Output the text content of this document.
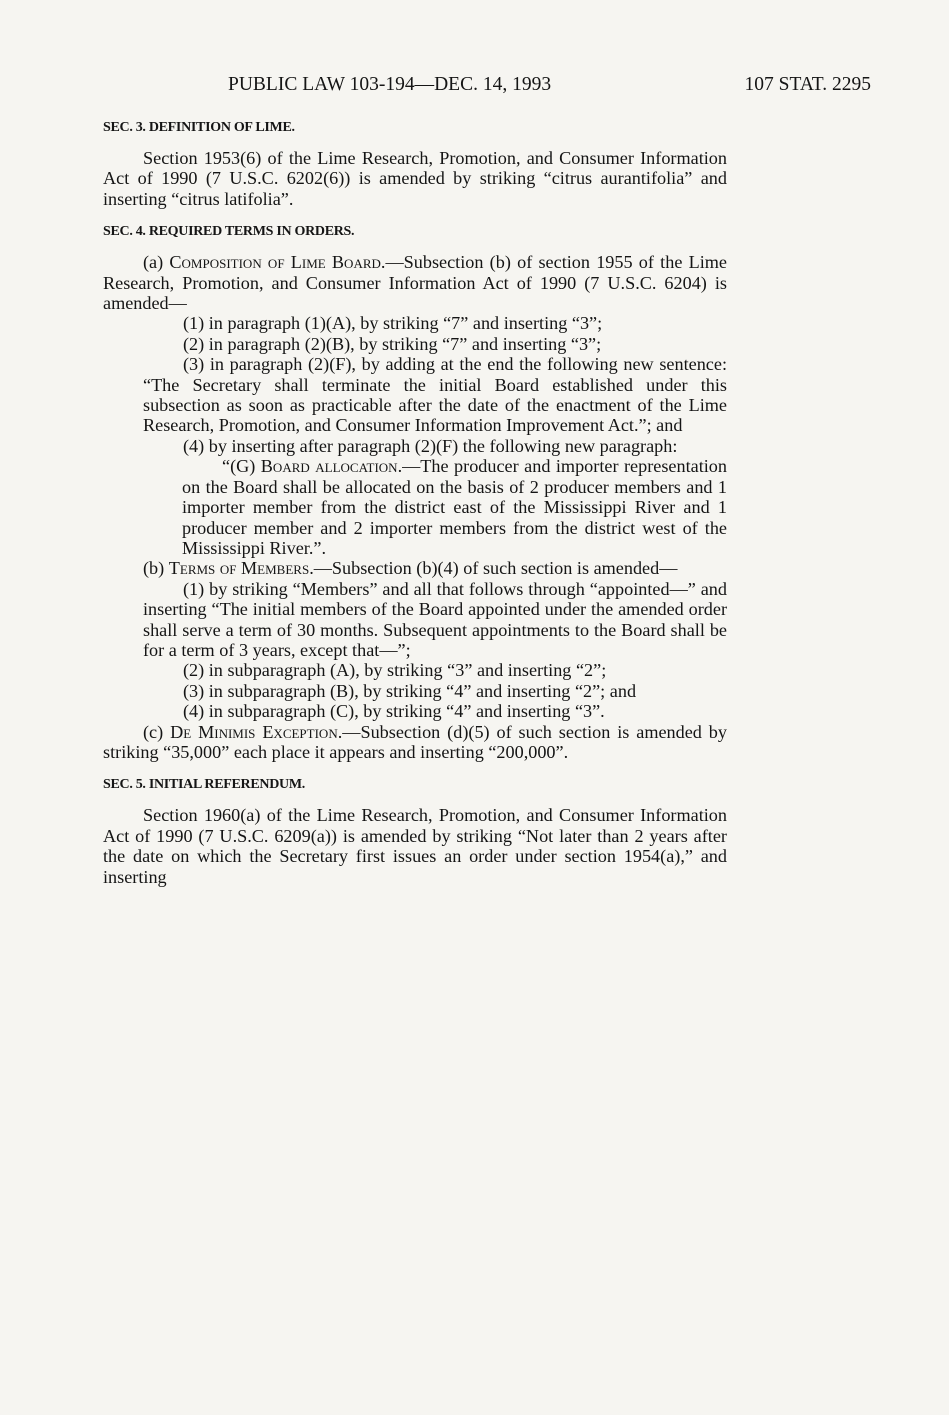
PUBLIC LAW 103-194—DEC. 14, 1993	107 STAT. 2295
SEC. 3. DEFINITION OF LIME.

Section 1953(6) of the Lime Research, Promotion, and Consumer Information Act of 1990 (7 U.S.C. 6202(6)) is amended by striking “citrus aurantifolia” and inserting “citrus latifolia”.

SEC. 4. REQUIRED TERMS IN ORDERS.

(a) Composition of Lime Board.—Subsection (b) of section 1955 of the Lime Research, Promotion, and Consumer Information Act of 1990 (7 U.S.C. 6204) is amended—

(1) in paragraph (1)(A), by striking “7” and inserting “3”;

(2) in paragraph (2)(B), by striking “7” and inserting “3”;

(3) in paragraph (2)(F), by adding at the end the following new sentence: “The Secretary shall terminate the initial Board established under this subsection as soon as practicable after the date of the enactment of the Lime Research, Promotion, and Consumer Information Improvement Act.”; and

(4) by inserting after paragraph (2)(F) the following new paragraph:

“(G) Board allocation.—The producer and importer representation on the Board shall be allocated on the basis of 2 producer members and 1 importer member from the district east of the Mississippi River and 1 producer member and 2 importer members from the district west of the Mississippi River.”.

(b) Terms of Members.—Subsection (b)(4) of such section is amended—

(1) by striking “Members” and all that follows through “appointed—” and inserting “The initial members of the Board appointed under the amended order shall serve a term of 30 months. Subsequent appointments to the Board shall be for a term of 3 years, except that—”;

(2) in subparagraph (A), by striking “3” and inserting “2”;

(3) in subparagraph (B), by striking “4” and inserting “2”; and

(4) in subparagraph (C), by striking “4” and inserting “3”.

(c) De Minimis Exception.—Subsection (d)(5) of such section is amended by striking “35,000” each place it appears and inserting “200,000”.

SEC. 5. INITIAL REFERENDUM.

Section 1960(a) of the Lime Research, Promotion, and Consumer Information Act of 1990 (7 U.S.C. 6209(a)) is amended by striking “Not later than 2 years after the date on which the Secretary first issues an order under section 1954(a),” and inserting
